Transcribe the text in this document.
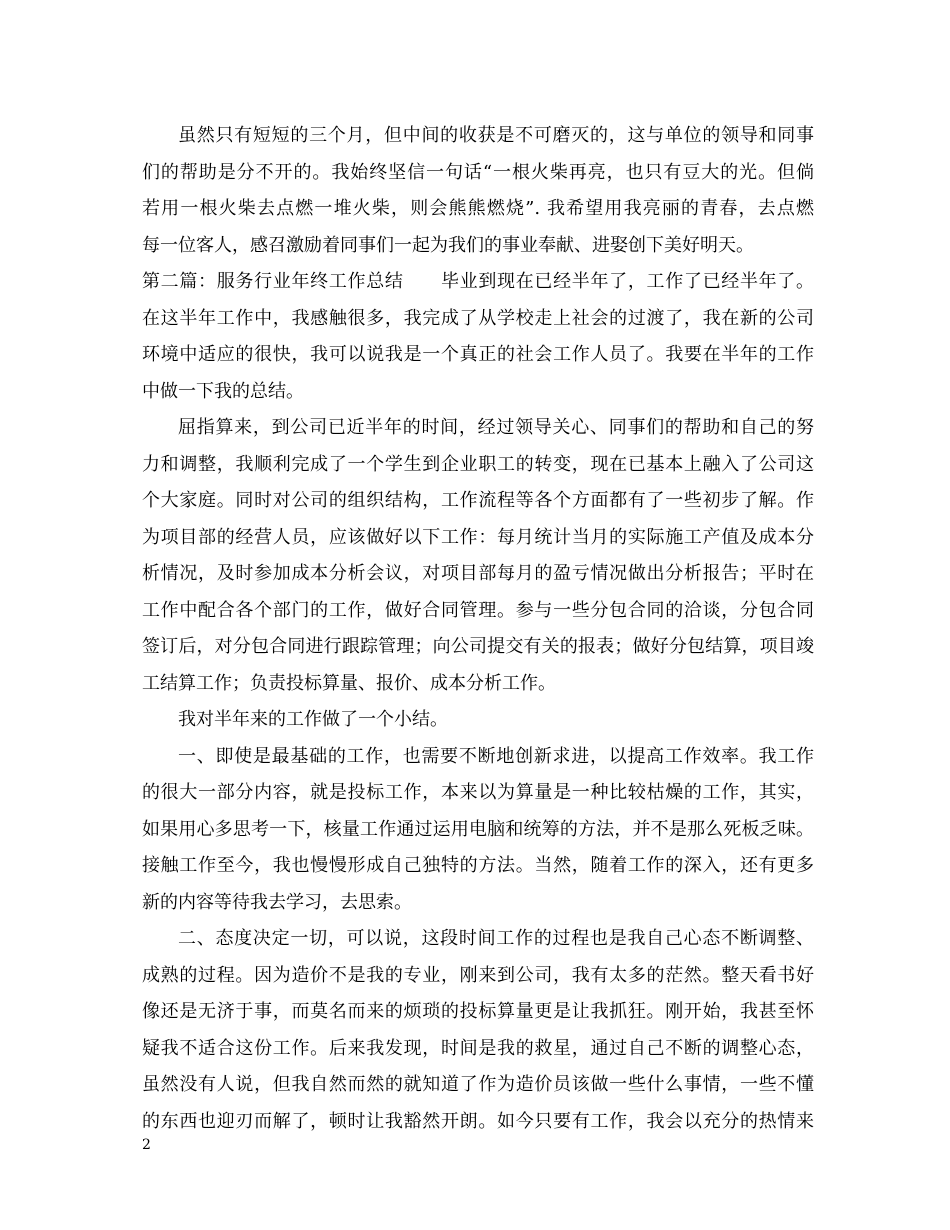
虽然只有短短的三个月，但中间的收获是不可磨灭的，这与单位的领导和同事
们的帮助是分不开的。我始终坚信一句话“一根火柴再亮，也只有豆大的光。但倘
若用一根火柴去点燃一堆火柴，则会熊熊燃烧”. 我希望用我亮丽的青春，去点燃
每一位客人，感召激励着同事们一起为我们的事业奉献、进娶创下美好明天。
第二篇：服务行业年终工作总结　　毕业到现在已经半年了，工作了已经半年了。
在这半年工作中，我感触很多，我完成了从学校走上社会的过渡了，我在新的公司
环境中适应的很快，我可以说我是一个真正的社会工作人员了。我要在半年的工作
中做一下我的总结。
屈指算来，到公司已近半年的时间，经过领导关心、同事们的帮助和自己的努
力和调整，我顺利完成了一个学生到企业职工的转变，现在已基本上融入了公司这
个大家庭。同时对公司的组织结构，工作流程等各个方面都有了一些初步了解。作
为项目部的经营人员，应该做好以下工作：每月统计当月的实际施工产值及成本分
析情况，及时参加成本分析会议，对项目部每月的盈亏情况做出分析报告；平时在
工作中配合各个部门的工作，做好合同管理。参与一些分包合同的洽谈，分包合同
签订后，对分包合同进行跟踪管理；向公司提交有关的报表；做好分包结算，项目竣
工结算工作；负责投标算量、报价、成本分析工作。
我对半年来的工作做了一个小结。
一、即使是最基础的工作，也需要不断地创新求进，以提高工作效率。我工作
的很大一部分内容，就是投标工作，本来以为算量是一种比较枯燥的工作，其实，
如果用心多思考一下，核量工作通过运用电脑和统筹的方法，并不是那么死板乏味。
接触工作至今，我也慢慢形成自己独特的方法。当然，随着工作的深入，还有更多
新的内容等待我去学习，去思索。
二、态度决定一切，可以说，这段时间工作的过程也是我自己心态不断调整、
成熟的过程。因为造价不是我的专业，刚来到公司，我有太多的茫然。整天看书好
像还是无济于事，而莫名而来的烦琐的投标算量更是让我抓狂。刚开始，我甚至怀
疑我不适合这份工作。后来我发现，时间是我的救星，通过自己不断的调整心态，
虽然没有人说，但我自然而然的就知道了作为造价员该做一些什么事情，一些不懂
的东西也迎刃而解了，顿时让我豁然开朗。如今只要有工作，我会以充分的热情来
2
